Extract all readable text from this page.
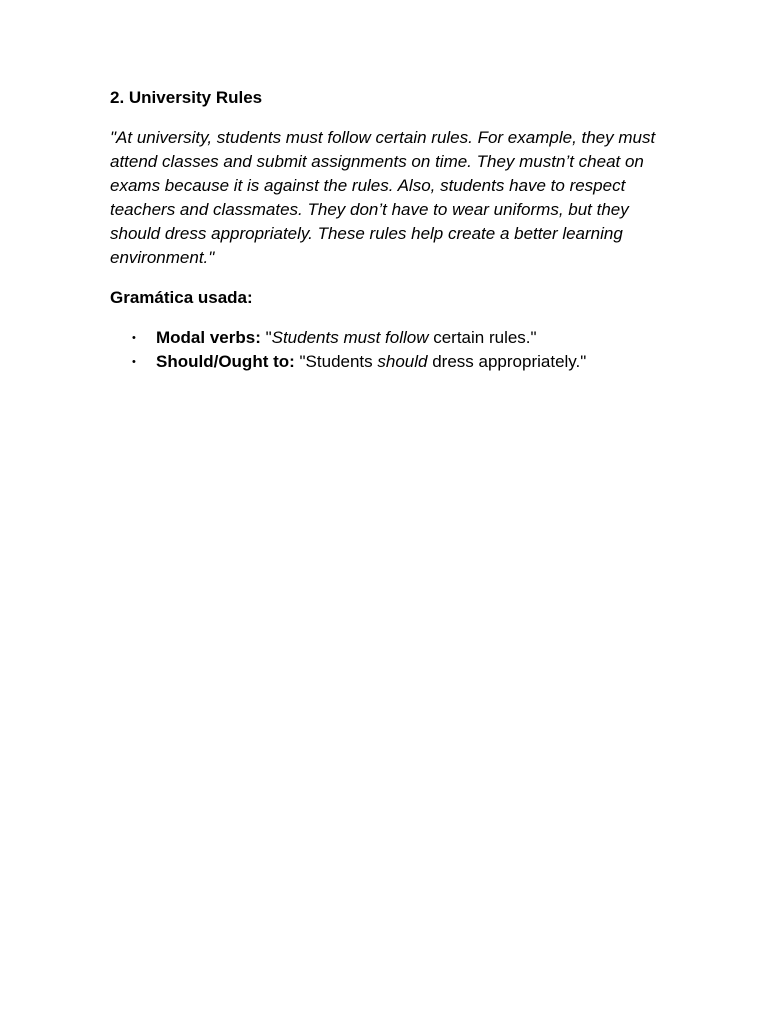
2. University Rules
"At university, students must follow certain rules. For example, they must attend classes and submit assignments on time. They mustn’t cheat on exams because it is against the rules. Also, students have to respect teachers and classmates. They don’t have to wear uniforms, but they should dress appropriately. These rules help create a better learning environment."
Gramática usada:
• Modal verbs: "Students must follow certain rules."
• Should/Ought to: "Students should dress appropriately."
